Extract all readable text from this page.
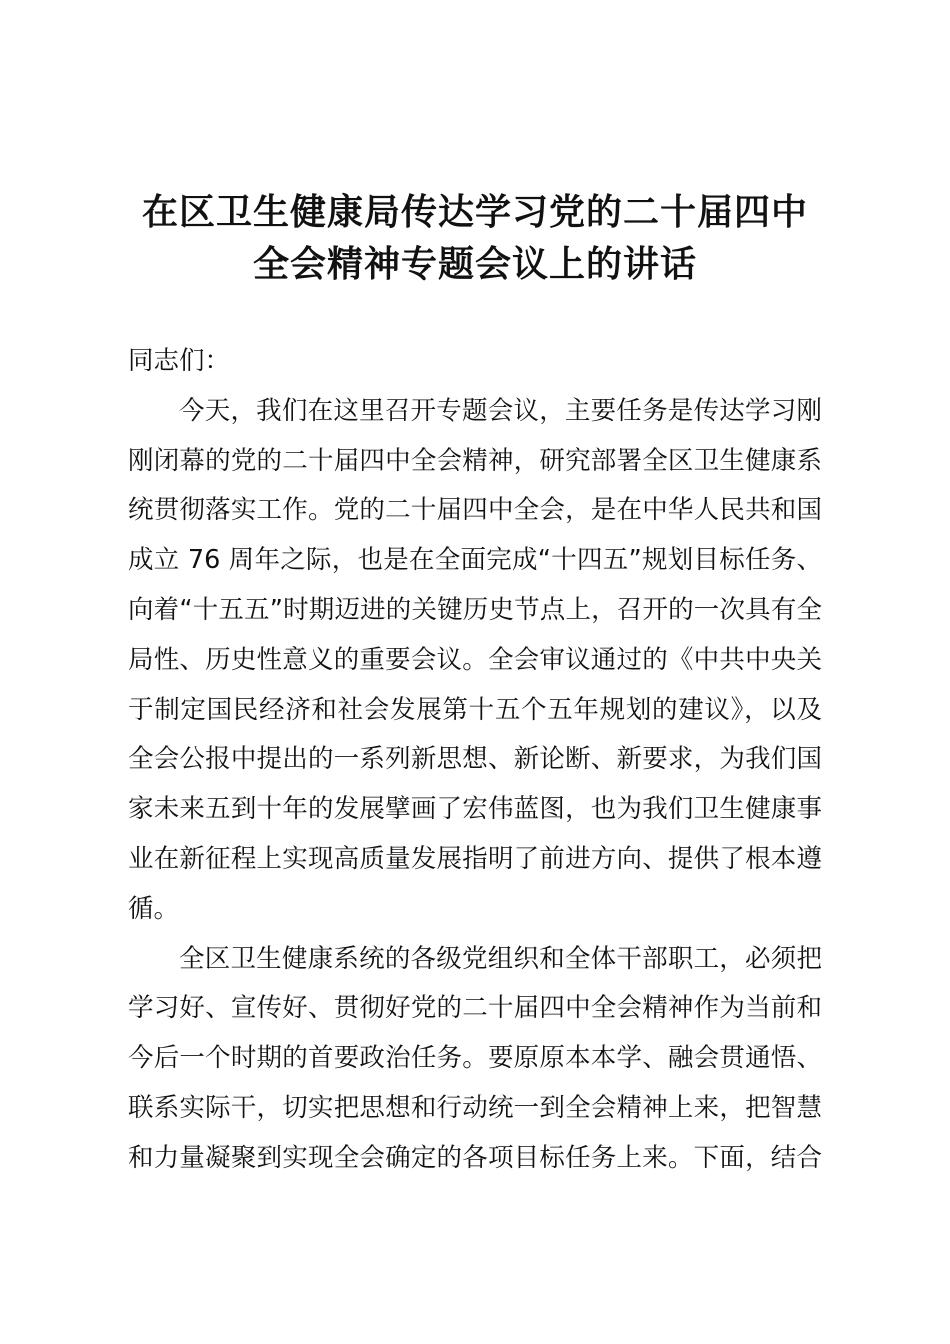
在区卫生健康局传达学习党的二十届四中
全会精神专题会议上的讲话
同志们：
今天，我们在这里召开专题会议，主要任务是传达学习刚
刚闭幕的党的二十届四中全会精神，研究部署全区卫生健康系
统贯彻落实工作。党的二十届四中全会，是在中华人民共和国
成立 76 周年之际，也是在全面完成“十四五”规划目标任务、
向着“十五五”时期迈进的关键历史节点上，召开的一次具有全
局性、历史性意义的重要会议。全会审议通过的《中共中央关
于制定国民经济和社会发展第十五个五年规划的建议》，以及
全会公报中提出的一系列新思想、新论断、新要求，为我们国
家未来五到十年的发展擘画了宏伟蓝图，也为我们卫生健康事
业在新征程上实现高质量发展指明了前进方向、提供了根本遵
循。
全区卫生健康系统的各级党组织和全体干部职工，必须把
学习好、宣传好、贯彻好党的二十届四中全会精神作为当前和
今后一个时期的首要政治任务。要原原本本学、融会贯通悟、
联系实际干，切实把思想和行动统一到全会精神上来，把智慧
和力量凝聚到实现全会确定的各项目标任务上来。下面，结合
